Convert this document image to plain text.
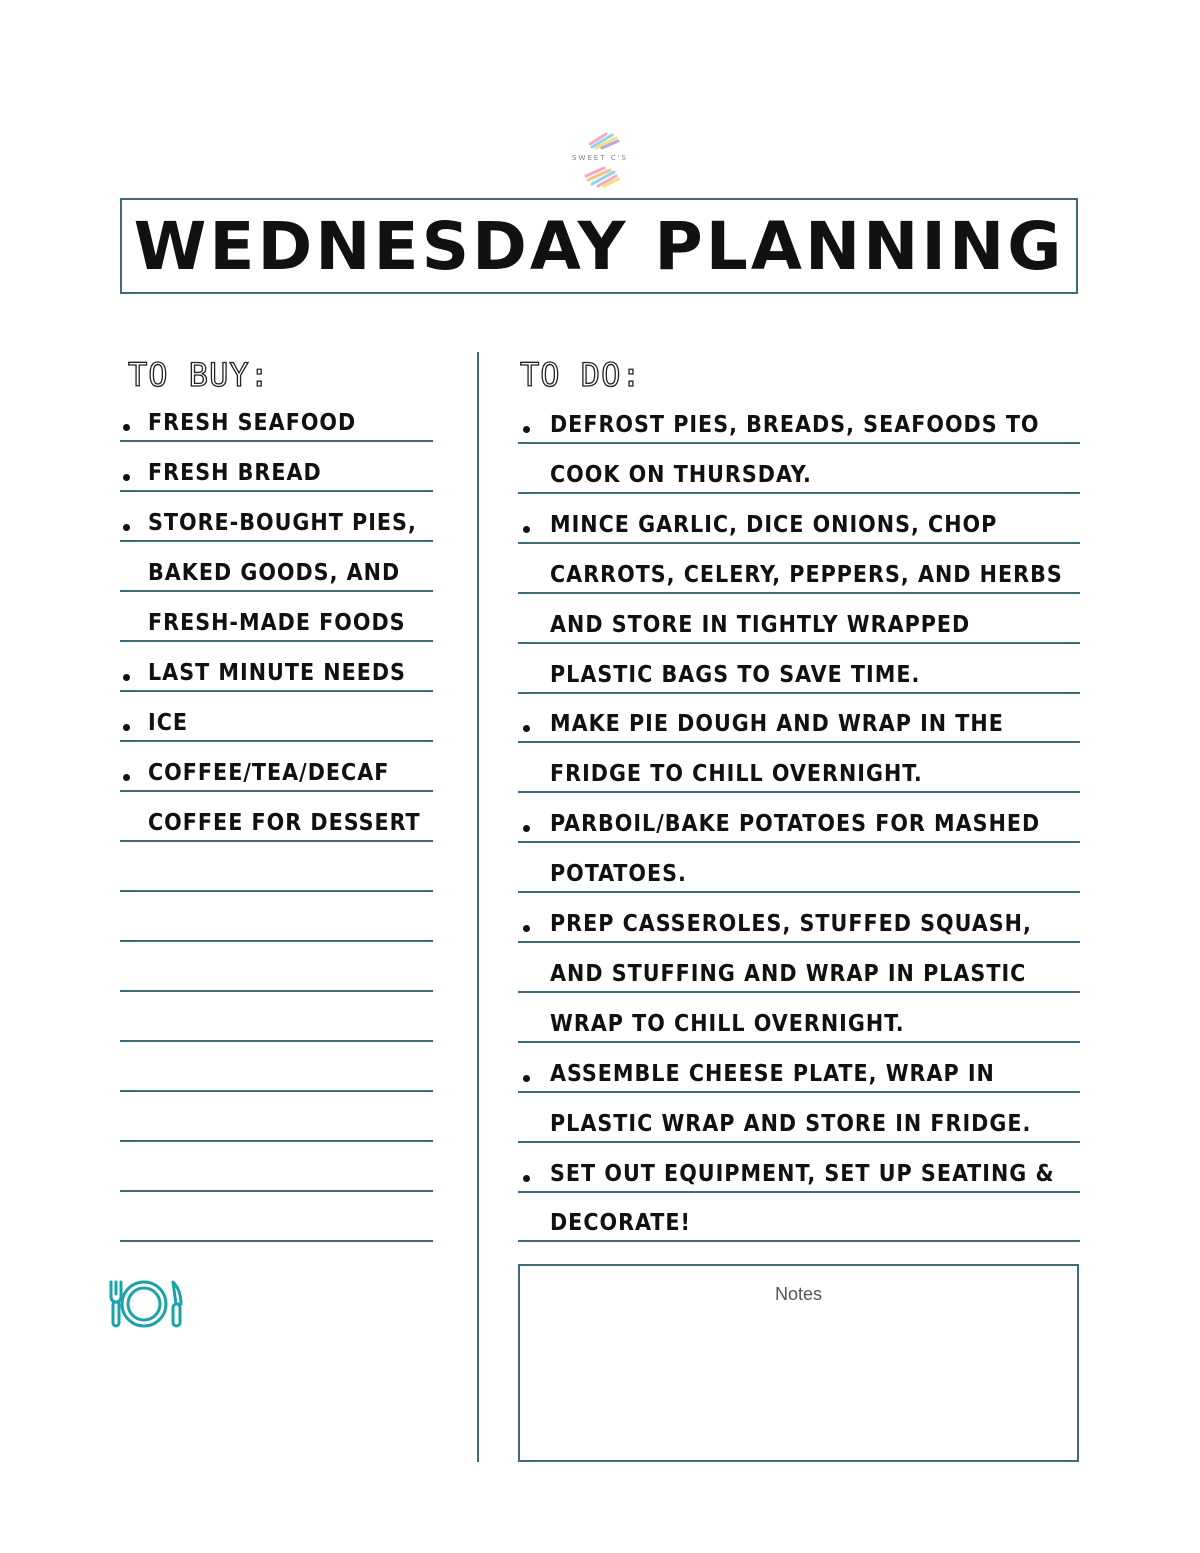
SWEET C'S
WEDNESDAY PLANNING
TO BUY:	TO DO:
FRESH SEAFOOD
FRESH BREAD
STORE-BOUGHT PIES,
BAKED GOODS, AND
FRESH-MADE FOODS
LAST MINUTE NEEDS
ICE
COFFEE/TEA/DECAF
COFFEE FOR DESSERT
DEFROST PIES, BREADS, SEAFOODS TO
COOK ON THURSDAY.
MINCE GARLIC, DICE ONIONS, CHOP
CARROTS, CELERY, PEPPERS, AND HERBS
AND STORE IN TIGHTLY WRAPPED
PLASTIC BAGS TO SAVE TIME.
MAKE PIE DOUGH AND WRAP IN THE
FRIDGE TO CHILL OVERNIGHT.
PARBOIL/BAKE POTATOES FOR MASHED
POTATOES.
PREP CASSEROLES, STUFFED SQUASH,
AND STUFFING AND WRAP IN PLASTIC
WRAP TO CHILL OVERNIGHT.
ASSEMBLE CHEESE PLATE, WRAP IN
PLASTIC WRAP AND STORE IN FRIDGE.
SET OUT EQUIPMENT, SET UP SEATING &
DECORATE!
Notes
